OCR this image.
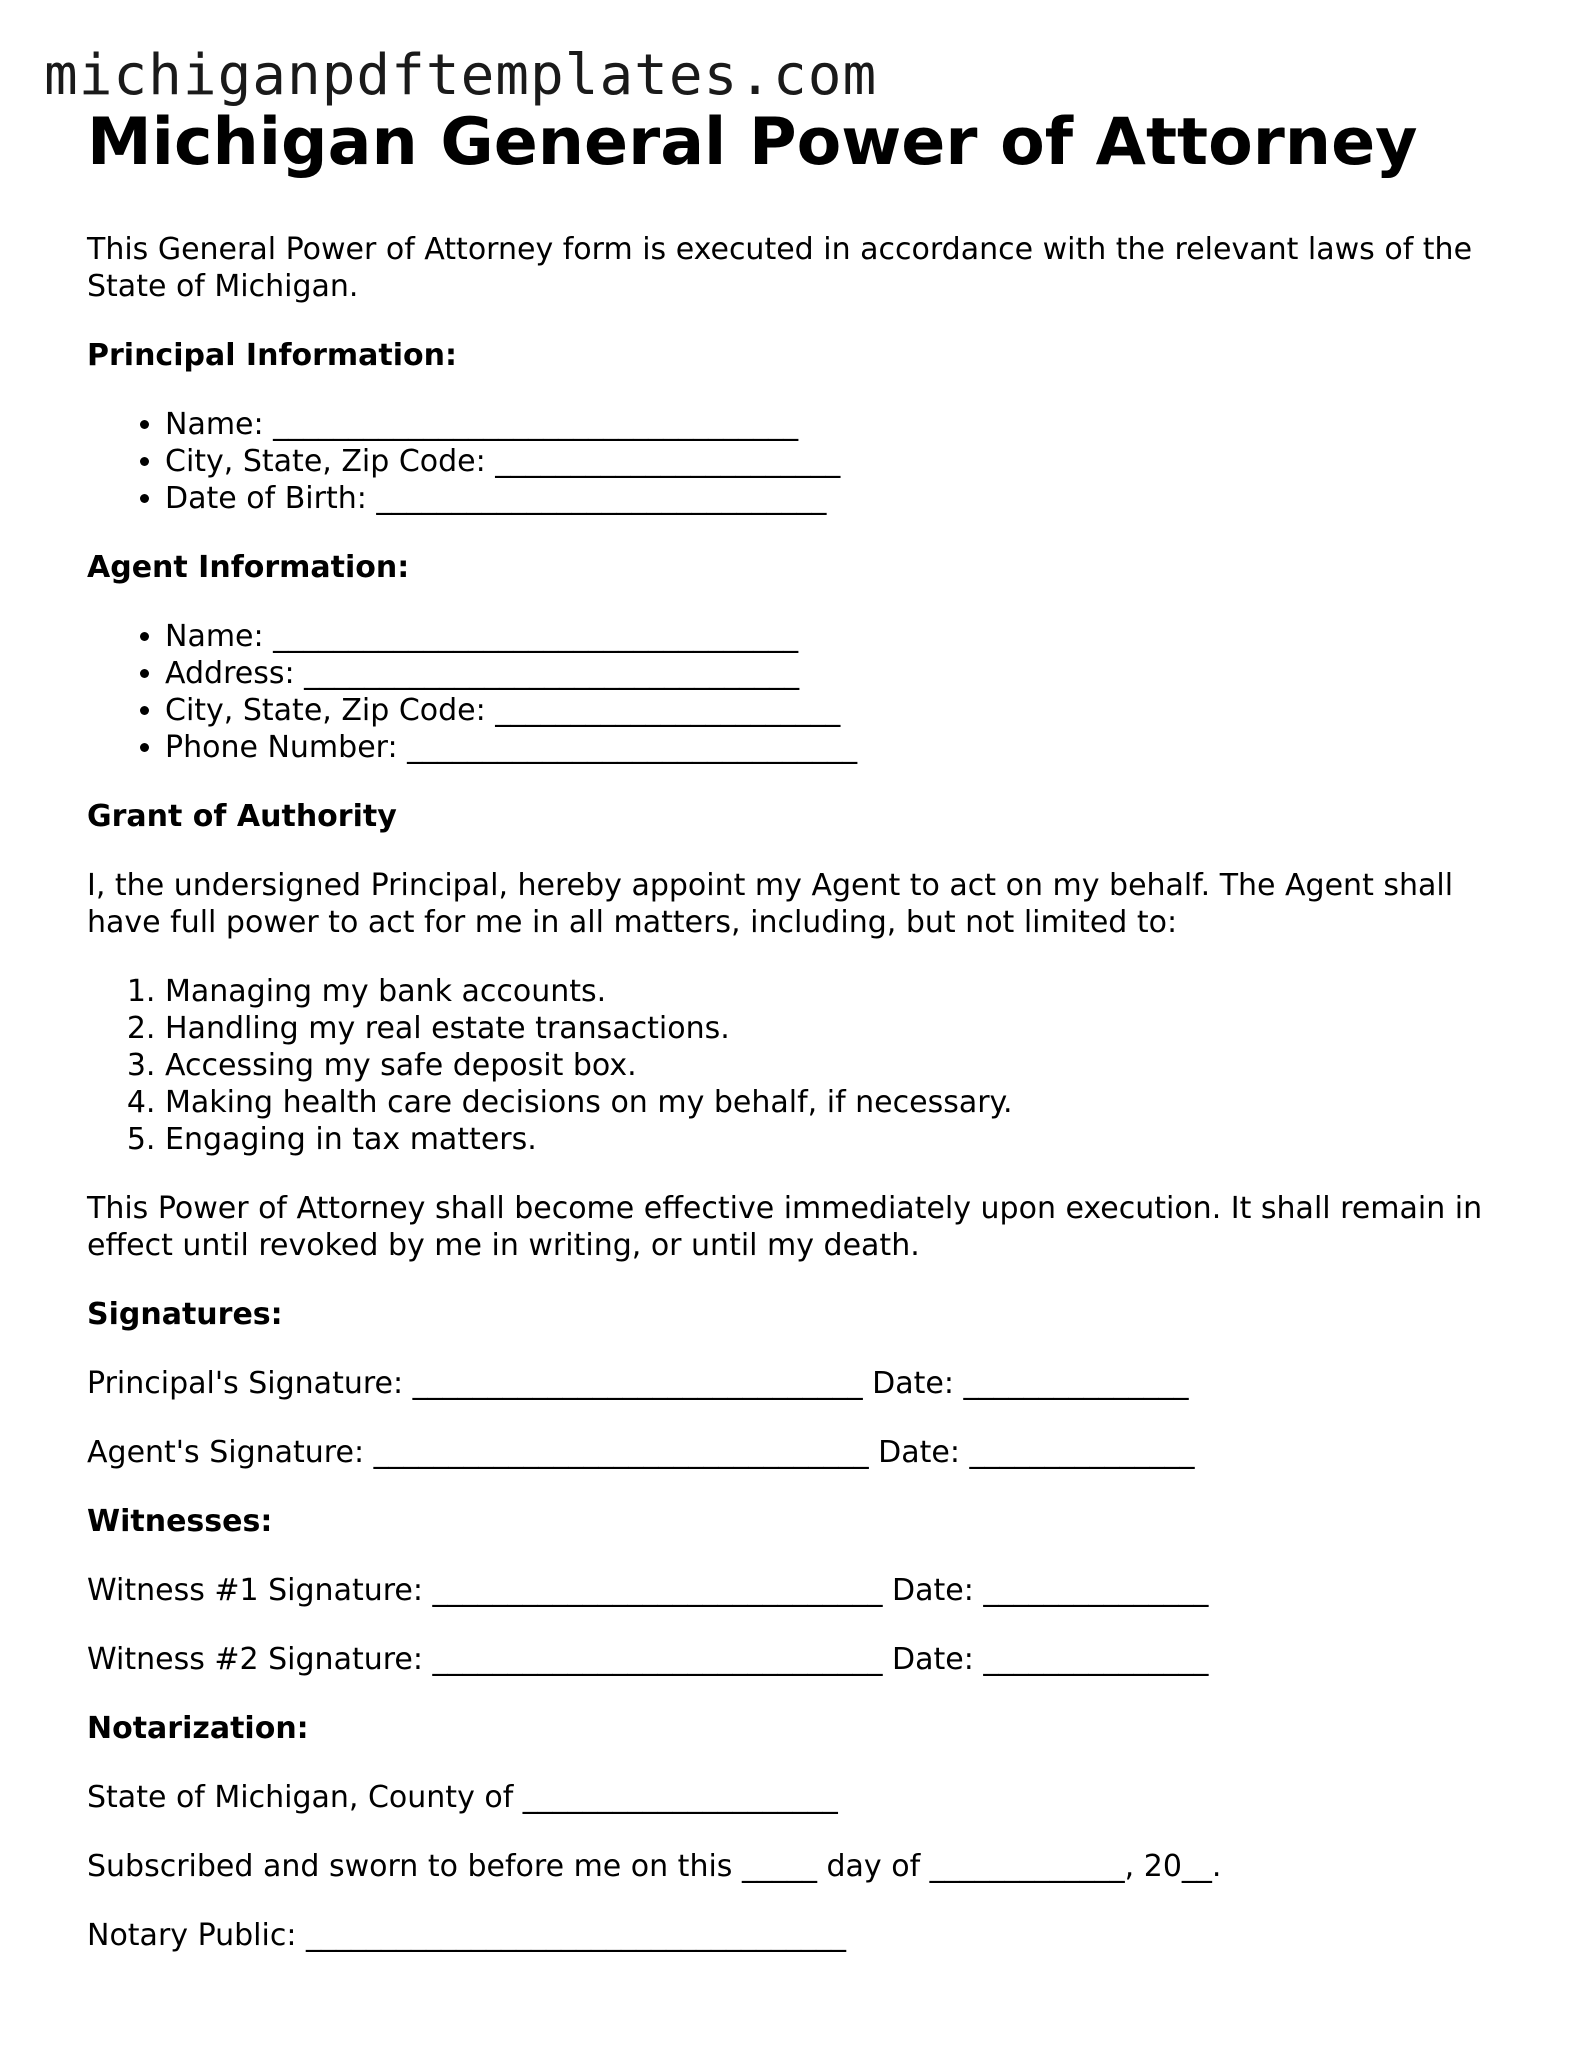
michiganpdftemplates.com
Michigan General Power of Attorney

This General Power of Attorney form is executed in accordance with the relevant laws of the State of Michigan.

Principal Information:
• Name: ___________________________________
• City, State, Zip Code: _______________________
• Date of Birth: ______________________________
Agent Information:
• Name: ___________________________________
• Address: _________________________________
• City, State, Zip Code: _______________________
• Phone Number: ______________________________
Grant of Authority

I, the undersigned Principal, hereby appoint my Agent to act on my behalf. The Agent shall have full power to act for me in all matters, including, but not limited to:

1. Managing my bank accounts.
2. Handling my real estate transactions.
3. Accessing my safe deposit box.
4. Making health care decisions on my behalf, if necessary.
5. Engaging in tax matters.

This Power of Attorney shall become effective immediately upon execution. It shall remain in effect until revoked by me in writing, or until my death.

Signatures:

Principal's Signature: ______________________________ Date: _______________

Agent's Signature: _________________________________ Date: _______________

Witnesses:

Witness #1 Signature: ______________________________ Date: _______________

Witness #2 Signature: ______________________________ Date: _______________

Notarization:

State of Michigan, County of _____________________

Subscribed and sworn to before me on this _____ day of _____________, 20__.

Notary Public: ____________________________________
